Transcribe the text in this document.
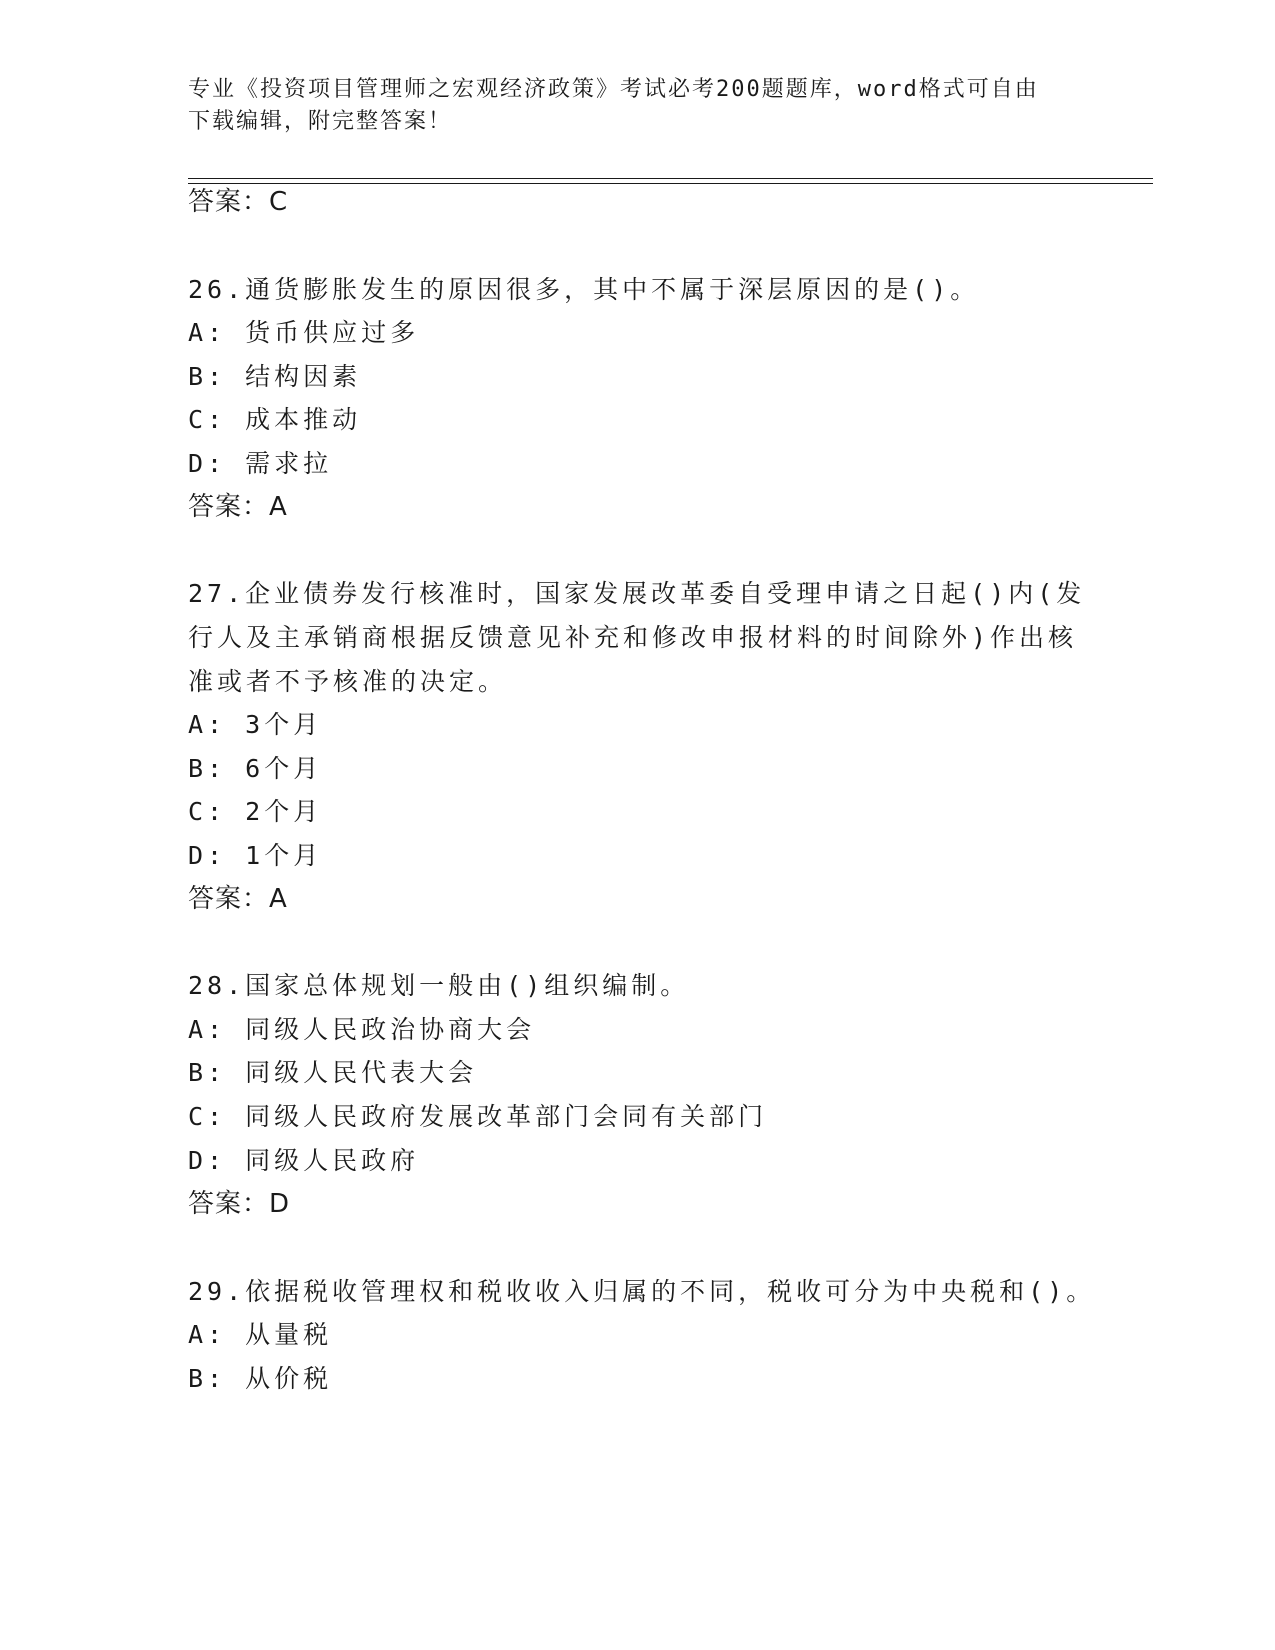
专业《投资项目管理师之宏观经济政策》考试必考200题题库，word格式可自由
下载编辑，附完整答案！
答案：C
26.通货膨胀发生的原因很多，其中不属于深层原因的是()。
A: 货币供应过多
B: 结构因素
C: 成本推动
D: 需求拉
答案：A
27.企业债券发行核准时，国家发展改革委自受理申请之日起()内(发
行人及主承销商根据反馈意见补充和修改申报材料的时间除外)作出核
准或者不予核准的决定。
A: 3个月
B: 6个月
C: 2个月
D: 1个月
答案：A
28.国家总体规划一般由()组织编制。
A: 同级人民政治协商大会
B: 同级人民代表大会
C: 同级人民政府发展改革部门会同有关部门
D: 同级人民政府
答案：D
29.依据税收管理权和税收收入归属的不同，税收可分为中央税和()。
A: 从量税
B: 从价税
